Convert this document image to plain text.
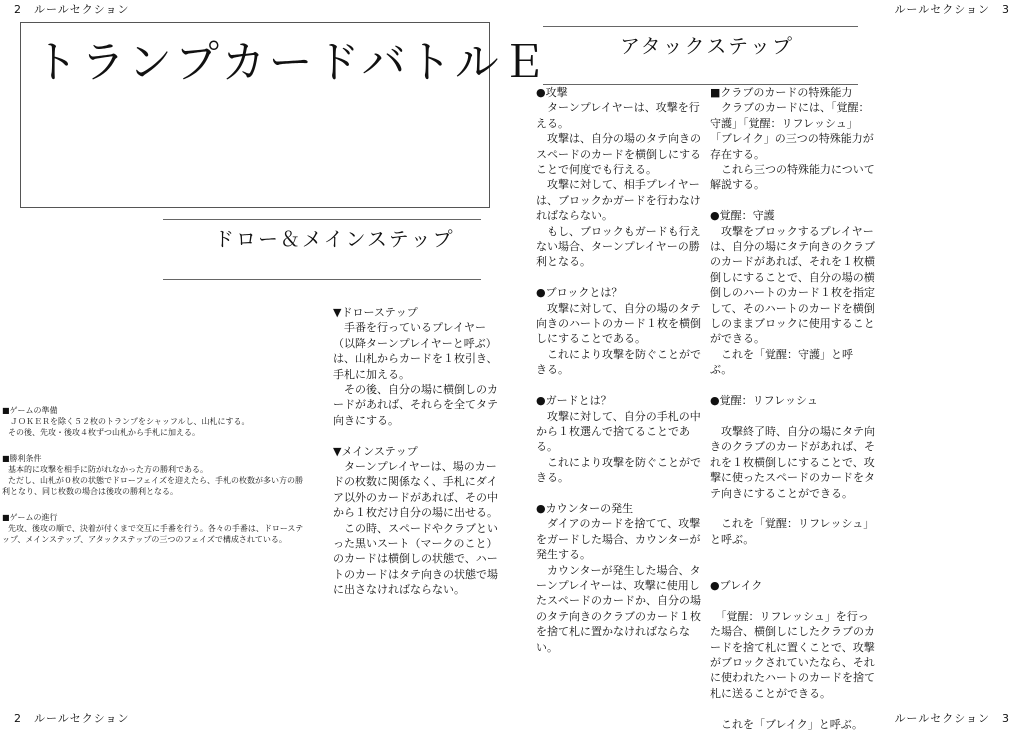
2　ルールセクション	ルールセクション　3
トランプカードバトルＥ

■ゲームの準備

ＪＯＫＥＲを除く５２枚のトランプをシャッフルし、山札にする。

その後、先攻・後攻４枚ずつ山札から手札に加える。

■勝利条件

基本的に攻撃を相手に防がれなかった方の勝利である。

ただし、山札が０枚の状態でドローフェイズを迎えたら、手札の枚数が多い方の勝

利となり、同じ枚数の場合は後攻の勝利となる。

■ゲームの進行

先攻、後攻の順で、決着が付くまで交互に手番を行う。各々の手番は、ドローステ

ップ、メインステップ、アタックステップの三つのフェイズで構成されている。

ドロー＆メインステップ

▼ドローステップ

　手番を行っているプレイヤー

（以降ターンプレイヤーと呼ぶ）

は、山札からカードを１枚引き、

手札に加える。

　その後、自分の場に横倒しのカ

ードがあれば、それらを全てタテ

向きにする。

▼メインステップ

　ターンプレイヤーは、場のカー

ドの枚数に関係なく、手札にダイ

ア以外のカードがあれば、その中

から１枚だけ自分の場に出せる。

　この時、スペードやクラブとい

った黒いスート（マークのこと）

のカードは横倒しの状態で、ハー

トのカードはタテ向きの状態で場

に出さなければならない。

アタックステップ

●攻撃

　ターンプレイヤーは、攻撃を行

える。

　攻撃は、自分の場のタテ向きの

スペードのカードを横倒しにする

ことで何度でも行える。

　攻撃に対して、相手プレイヤー

は、ブロックかガードを行わなけ

ればならない。

　もし、ブロックもガードも行え

ない場合、ターンプレイヤーの勝

利となる。

●ブロックとは？

　攻撃に対して、自分の場のタテ

向きのハートのカード１枚を横倒

しにすることである。

　これにより攻撃を防ぐことがで

きる。

●ガードとは？

　攻撃に対して、自分の手札の中

から１枚選んで捨てることであ

る。

　これにより攻撃を防ぐことがで

きる。

●カウンターの発生

　ダイアのカードを捨てて、攻撃

をガードした場合、カウンターが

発生する。

　カウンターが発生した場合、タ

ーンプレイヤーは、攻撃に使用し

たスペードのカードか、自分の場

のタテ向きのクラブのカード１枚

を捨て札に置かなければならな

い。

■クラブのカードの特殊能力

　クラブのカードには、「覚醒：

守護」「覚醒：リフレッシュ」

「ブレイク」の三つの特殊能力が

存在する。

　これら三つの特殊能力について

解説する。

●覚醒：守護

　攻撃をブロックするプレイヤー

は、自分の場にタテ向きのクラブ

のカードがあれば、それを１枚横

倒しにすることで、自分の場の横

倒しのハートのカード１枚を指定

して、そのハートのカードを横倒

しのままブロックに使用すること

ができる。

　これを「覚醒：守護」と呼ぶ。

●覚醒：リフレッシュ

　攻撃終了時、自分の場にタテ向

きのクラブのカードがあれば、そ

れを１枚横倒しにすることで、攻

撃に使ったスペードのカードをタ

テ向きにすることができる。

　これを「覚醒：リフレッシュ」

と呼ぶ。

●ブレイク

　「覚醒：リフレッシュ」を行っ

た場合、横倒しにしたクラブのカ

ードを捨て札に置くことで、攻撃

がブロックされていたなら、それ

に使われたハートのカードを捨て

札に送ることができる。

　これを「ブレイク」と呼ぶ。

2　ルールセクション	ルールセクション　3
